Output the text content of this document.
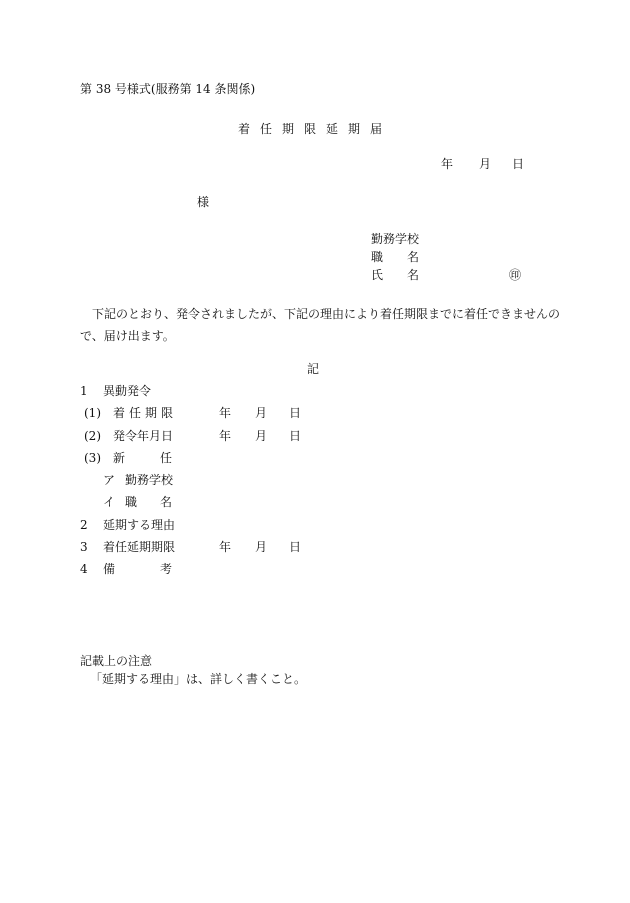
第 38 号様式(服務第 14 条関係)
着任期限延期届
年 月 日
様
勤務学校
職 名
氏 名	㊞
下記のとおり、発令されましたが、下記の理由により着任期限までに着任できませんので、届け出ます。
記
1 異動発令
(1) 着任期限	年 月 日
(2) 発令年月日	年 月 日
(3) 新	任
ア 勤務学校
イ 職 名
2 延期する理由
3 着任延期期限	年 月 日
4 備	考
記載上の注意
「延期する理由」は、詳しく書くこと。
